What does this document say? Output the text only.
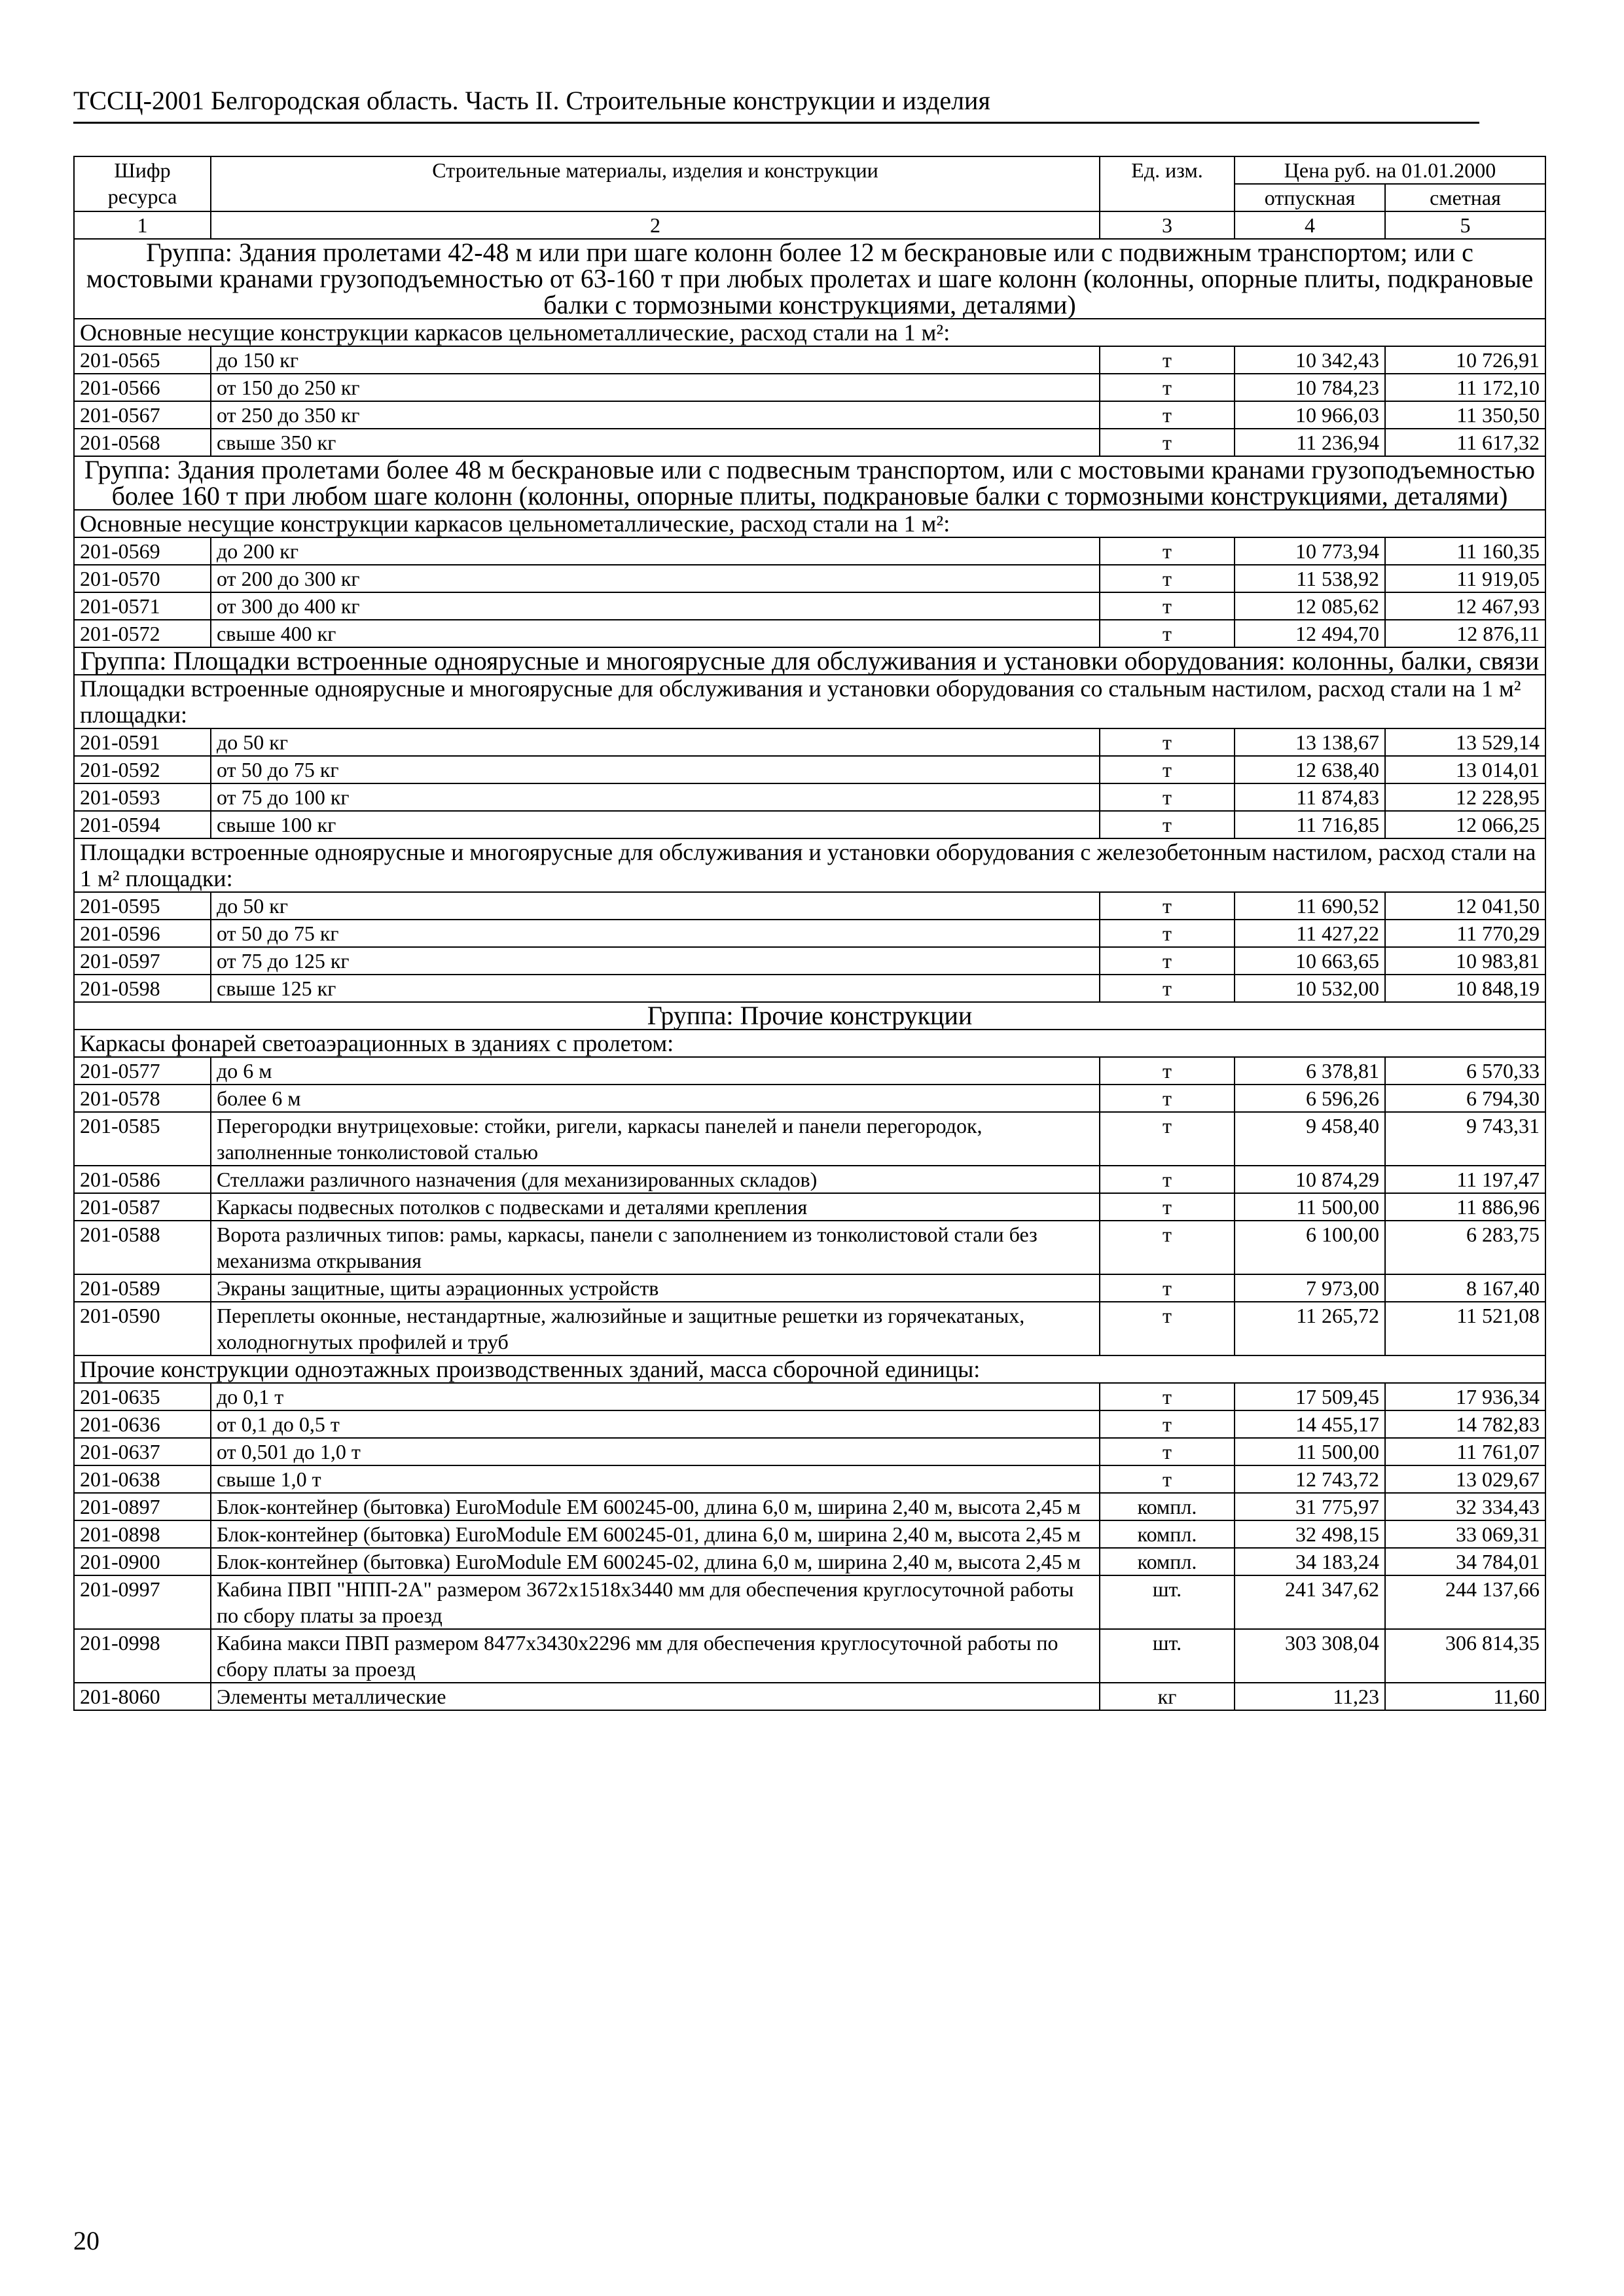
ТССЦ-2001 Белгородская область. Часть II. Строительные конструкции и изделия
Шифр ресурса	Строительные материалы, изделия и конструкции	Ед. изм.	Цена руб. на 01.01.2000	
			отпускная	сметная
1	2	3	4	5
Группа: Здания пролетами 42-48 м или при шаге колонн более 12 м бескрановые или с подвижным транспортом; или с мостовыми кранами грузоподъемностью от 63-160 т при любых пролетах и шаге колонн (колонны, опорные плиты, подкрановые балки с тормозными конструкциями, деталями)				
Основные несущие конструкции каркасов цельнометаллические, расход стали на 1 м²:				
201-0565	до 150 кг	т	10 342,43	10 726,91
201-0566	от 150 до 250 кг	т	10 784,23	11 172,10
201-0567	от 250 до 350 кг	т	10 966,03	11 350,50
201-0568	свыше 350 кг	т	11 236,94	11 617,32
Группа: Здания пролетами более 48 м бескрановые или с подвесным транспортом, или с мостовыми кранами грузоподъемностью более 160 т при любом шаге колонн (колонны, опорные плиты, подкрановые балки с тормозными конструкциями, деталями)				
Основные несущие конструкции каркасов цельнометаллические, расход стали на 1 м²:				
201-0569	до 200 кг	т	10 773,94	11 160,35
201-0570	от 200 до 300 кг	т	11 538,92	11 919,05
201-0571	от 300 до 400 кг	т	12 085,62	12 467,93
201-0572	свыше 400 кг	т	12 494,70	12 876,11
Группа: Площадки встроенные одноярусные и многоярусные для обслуживания и установки оборудования: колонны, балки, связи				
Площадки встроенные одноярусные и многоярусные для обслуживания и установки оборудования со стальным настилом, расход стали на 1 м² площадки:				
201-0591	до 50 кг	т	13 138,67	13 529,14
201-0592	от 50 до 75 кг	т	12 638,40	13 014,01
201-0593	от 75 до 100 кг	т	11 874,83	12 228,95
201-0594	свыше 100 кг	т	11 716,85	12 066,25
Площадки встроенные одноярусные и многоярусные для обслуживания и установки оборудования с железобетонным настилом, расход стали на 1 м² площадки:				
201-0595	до 50 кг	т	11 690,52	12 041,50
201-0596	от 50 до 75 кг	т	11 427,22	11 770,29
201-0597	от 75 до 125 кг	т	10 663,65	10 983,81
201-0598	свыше 125 кг	т	10 532,00	10 848,19
Группа: Прочие конструкции				
Каркасы фонарей светоаэрационных в зданиях с пролетом:				
201-0577	до 6 м	т	6 378,81	6 570,33
201-0578	более 6 м	т	6 596,26	6 794,30
201-0585	Перегородки внутрицеховые: стойки, ригели, каркасы панелей и панели перегородок, заполненные тонколистовой сталью	т	9 458,40	9 743,31
201-0586	Стеллажи различного назначения (для механизированных складов)	т	10 874,29	11 197,47
201-0587	Каркасы подвесных потолков с подвесками и деталями крепления	т	11 500,00	11 886,96
201-0588	Ворота различных типов: рамы, каркасы, панели с заполнением из тонколистовой стали без механизма открывания	т	6 100,00	6 283,75
201-0589	Экраны защитные, щиты аэрационных устройств	т	7 973,00	8 167,40
201-0590	Переплеты оконные, нестандартные, жалюзийные и защитные решетки из горячекатаных, холодногнутых профилей и труб	т	11 265,72	11 521,08
Прочие конструкции одноэтажных производственных зданий, масса сборочной единицы:				
201-0635	до 0,1 т	т	17 509,45	17 936,34
201-0636	от 0,1 до 0,5 т	т	14 455,17	14 782,83
201-0637	от 0,501 до 1,0 т	т	11 500,00	11 761,07
201-0638	свыше 1,0 т	т	12 743,72	13 029,67
201-0897	Блок-контейнер (бытовка) EuroModule EM 600245-00, длина 6,0 м, ширина 2,40 м, высота 2,45 м	компл.	31 775,97	32 334,43
201-0898	Блок-контейнер (бытовка) EuroModule EM 600245-01, длина 6,0 м, ширина 2,40 м, высота 2,45 м	компл.	32 498,15	33 069,31
201-0900	Блок-контейнер (бытовка) EuroModule EM 600245-02, длина 6,0 м, ширина 2,40 м, высота 2,45 м	компл.	34 183,24	34 784,01
201-0997	Кабина ПВП "НПП-2А" размером 3672х1518х3440 мм для обеспечения круглосуточной работы по сбору платы за проезд	шт.	241 347,62	244 137,66
201-0998	Кабина макси ПВП размером 8477х3430х2296 мм для обеспечения круглосуточной работы по сбору платы за проезд	шт.	303 308,04	306 814,35
201-8060	Элементы металлические	кг	11,23	11,60
20
